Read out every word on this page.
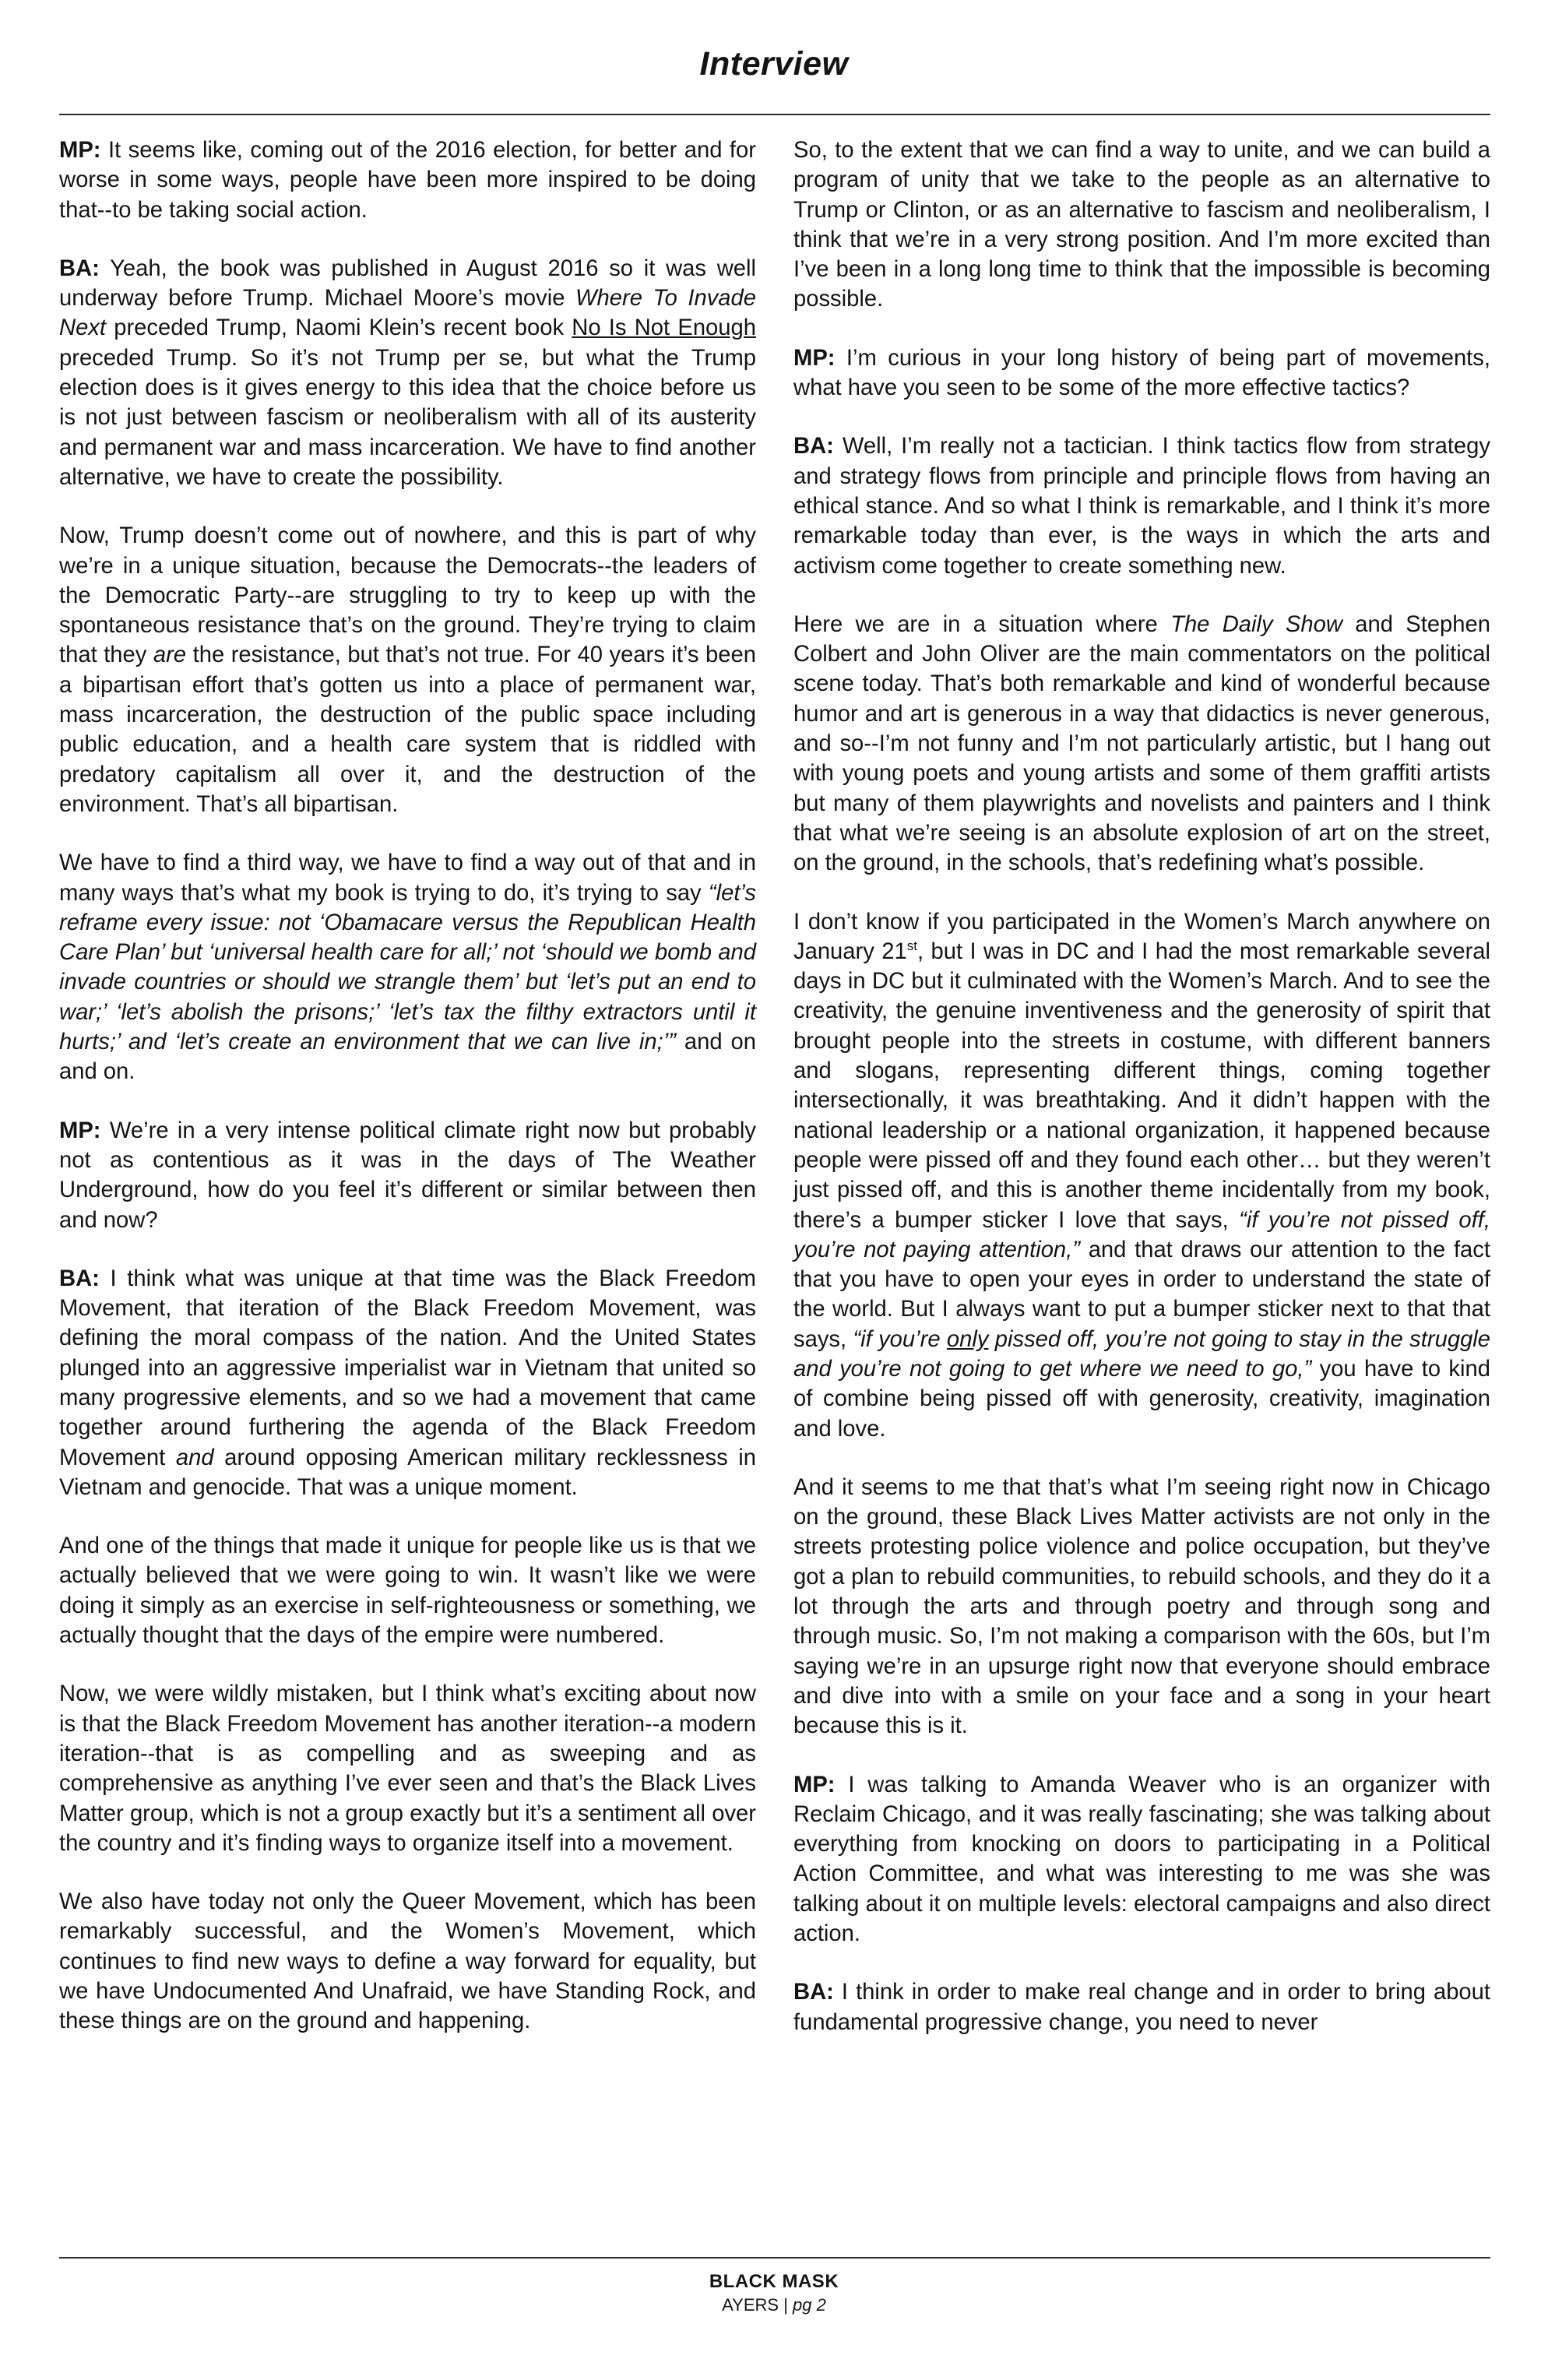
Interview

MP: It seems like, coming out of the 2016 election, for better and for worse in some ways, people have been more inspired to be doing that--to be taking social action.

BA: Yeah, the book was published in August 2016 so it was well underway before Trump. Michael Moore’s movie Where To Invade Next preceded Trump, Naomi Klein’s recent book No Is Not Enough preceded Trump. So it’s not Trump per se, but what the Trump election does is it gives energy to this idea that the choice before us is not just between fascism or neoliberalism with all of its austerity and permanent war and mass incarceration. We have to find another alternative, we have to create the possibility.

Now, Trump doesn’t come out of nowhere, and this is part of why we’re in a unique situation, because the Democrats--the leaders of the Democratic Party--are struggling to try to keep up with the spontaneous resistance that’s on the ground. They’re trying to claim that they are the resistance, but that’s not true. For 40 years it’s been a bipartisan effort that’s gotten us into a place of permanent war, mass incarceration, the destruction of the public space including public education, and a health care system that is riddled with predatory capitalism all over it, and the destruction of the environment. That’s all bipartisan.

We have to find a third way, we have to find a way out of that and in many ways that’s what my book is trying to do, it’s trying to say “let’s reframe every issue: not ‘Obamacare versus the Republican Health Care Plan’ but ‘universal health care for all;’ not ‘should we bomb and invade countries or should we strangle them’ but ‘let’s put an end to war;’ ‘let’s abolish the prisons;’ ‘let’s tax the filthy extractors until it hurts;’ and ‘let’s create an environment that we can live in;’” and on and on.

MP: We’re in a very intense political climate right now but probably not as contentious as it was in the days of The Weather Underground, how do you feel it’s different or similar between then and now?

BA: I think what was unique at that time was the Black Freedom Movement, that iteration of the Black Freedom Movement, was defining the moral compass of the nation. And the United States plunged into an aggressive imperialist war in Vietnam that united so many progressive elements, and so we had a movement that came together around furthering the agenda of the Black Freedom Movement and around opposing American military recklessness in Vietnam and genocide. That was a unique moment.

And one of the things that made it unique for people like us is that we actually believed that we were going to win. It wasn’t like we were doing it simply as an exercise in self-righteousness or something, we actually thought that the days of the empire were numbered.

Now, we were wildly mistaken, but I think what’s exciting about now is that the Black Freedom Movement has another iteration--a modern iteration--that is as compelling and as sweeping and as comprehensive as anything I’ve ever seen and that’s the Black Lives Matter group, which is not a group exactly but it’s a sentiment all over the country and it’s finding ways to organize itself into a movement.

We also have today not only the Queer Movement, which has been remarkably successful, and the Women’s Movement, which continues to find new ways to define a way forward for equality, but we have Undocumented And Unafraid, we have Standing Rock, and these things are on the ground and happening.

So, to the extent that we can find a way to unite, and we can build a program of unity that we take to the people as an alternative to Trump or Clinton, or as an alternative to fascism and neoliberalism, I think that we’re in a very strong position. And I’m more excited than I’ve been in a long long time to think that the impossible is becoming possible.

MP: I’m curious in your long history of being part of movements, what have you seen to be some of the more effective tactics?

BA: Well, I’m really not a tactician. I think tactics flow from strategy and strategy flows from principle and principle flows from having an ethical stance. And so what I think is remarkable, and I think it’s more remarkable today than ever, is the ways in which the arts and activism come together to create something new.

Here we are in a situation where The Daily Show and Stephen Colbert and John Oliver are the main commentators on the political scene today. That’s both remarkable and kind of wonderful because humor and art is generous in a way that didactics is never generous, and so--I’m not funny and I’m not particularly artistic, but I hang out with young poets and young artists and some of them graffiti artists but many of them playwrights and novelists and painters and I think that what we’re seeing is an absolute explosion of art on the street, on the ground, in the schools, that’s redefining what’s possible.

I don’t know if you participated in the Women’s March anywhere on January 21st, but I was in DC and I had the most remarkable several days in DC but it culminated with the Women’s March. And to see the creativity, the genuine inventiveness and the generosity of spirit that brought people into the streets in costume, with different banners and slogans, representing different things, coming together intersectionally, it was breathtaking. And it didn’t happen with the national leadership or a national organization, it happened because people were pissed off and they found each other… but they weren’t just pissed off, and this is another theme incidentally from my book, there’s a bumper sticker I love that says, “if you’re not pissed off, you’re not paying attention,” and that draws our attention to the fact that you have to open your eyes in order to understand the state of the world. But I always want to put a bumper sticker next to that that says, “if you’re only pissed off, you’re not going to stay in the struggle and you’re not going to get where we need to go,” you have to kind of combine being pissed off with generosity, creativity, imagination and love.

And it seems to me that that’s what I’m seeing right now in Chicago on the ground, these Black Lives Matter activists are not only in the streets protesting police violence and police occupation, but they’ve got a plan to rebuild communities, to rebuild schools, and they do it a lot through the arts and through poetry and through song and through music. So, I’m not making a comparison with the 60s, but I’m saying we’re in an upsurge right now that everyone should embrace and dive into with a smile on your face and a song in your heart because this is it.

MP: I was talking to Amanda Weaver who is an organizer with Reclaim Chicago, and it was really fascinating; she was talking about everything from knocking on doors to participating in a Political Action Committee, and what was interesting to me was she was talking about it on multiple levels: electoral campaigns and also direct action.

BA: I think in order to make real change and in order to bring about fundamental progressive change, you need to never

BLACK MASK
AYERS | pg 2
